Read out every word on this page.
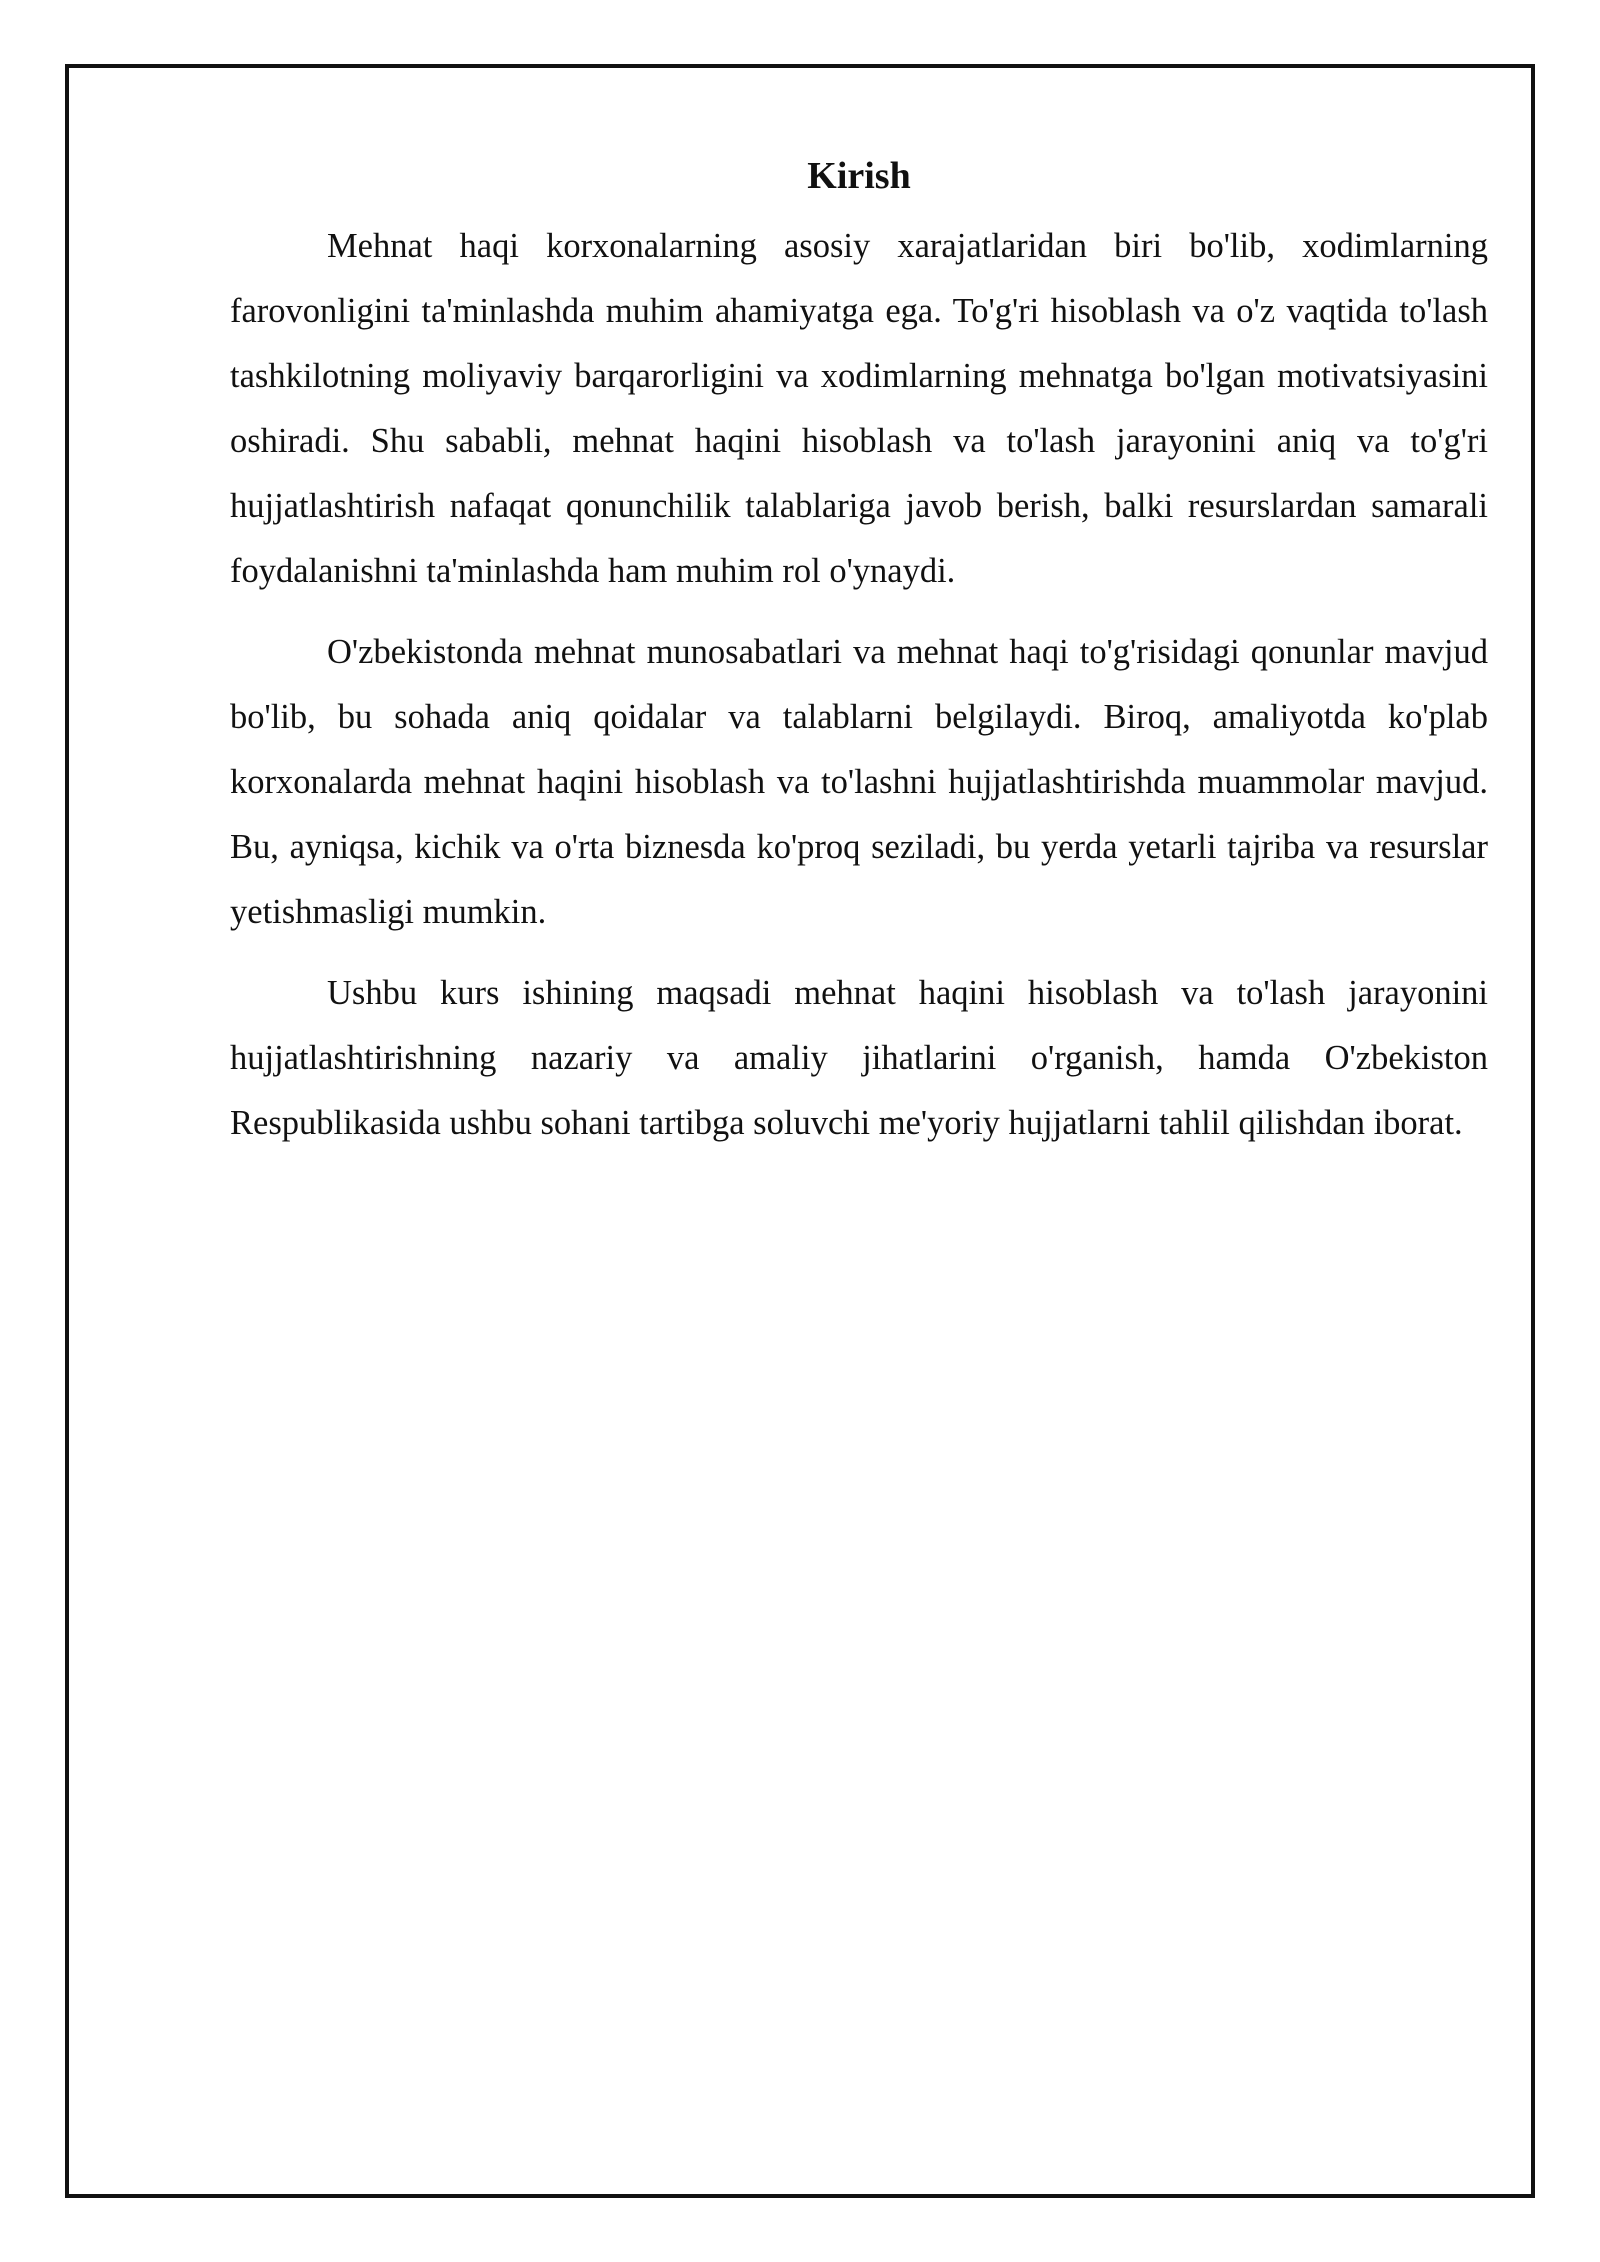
Kirish

Mehnat haqi korxonalarning asosiy xarajatlaridan biri bo'lib, xodimlarning farovonligini ta'minlashda muhim ahamiyatga ega. To'g'ri hisoblash va o'z vaqtida to'lash tashkilotning moliyaviy barqarorligini va xodimlarning mehnatga bo'lgan motivatsiyasini oshiradi. Shu sababli, mehnat haqini hisoblash va to'lash jarayonini aniq va to'g'ri hujjatlashtirish nafaqat qonunchilik talablariga javob berish, balki resurslardan samarali foydalanishni ta'minlashda ham muhim rol o'ynaydi.

O'zbekistonda mehnat munosabatlari va mehnat haqi to'g'risidagi qonunlar mavjud bo'lib, bu sohada aniq qoidalar va talablarni belgilaydi. Biroq, amaliyotda ko'plab korxonalarda mehnat haqini hisoblash va to'lashni hujjatlashtirishda muammolar mavjud. Bu, ayniqsa, kichik va o'rta biznesda ko'proq seziladi, bu yerda yetarli tajriba va resurslar yetishmasligi mumkin.

Ushbu kurs ishining maqsadi mehnat haqini hisoblash va to'lash jarayonini hujjatlashtirishning nazariy va amaliy jihatlarini o'rganish, hamda O'zbekiston Respublikasida ushbu sohani tartibga soluvchi me'yoriy hujjatlarni tahlil qilishdan iborat.
